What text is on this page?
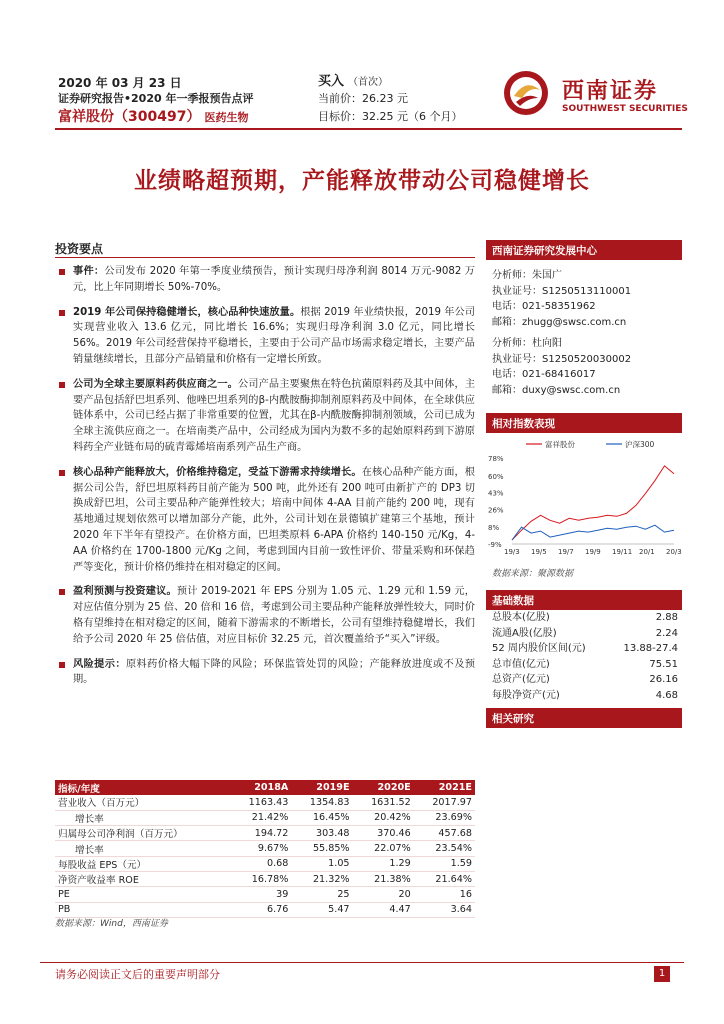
2020 年 03 月 23 日
证券研究报告•2020 年一季报预告点评
富祥股份（300497） 医药生物
买入 （首次）
当前价：26.23 元
目标价：32.25 元（6 个月）
西南证券
SOUTHWEST SECURITIES
业绩略超预期，产能释放带动公司稳健增长
投资要点
事件：公司发布 2020 年第一季度业绩预告，预计实现归母净利润 8014 万元-9082 万元，比上年同期增长 50%-70%。
2019 年公司保持稳健增长，核心品种快速放量。根据 2019 年业绩快报，2019 年公司实现营业收入 13.6 亿元，同比增长 16.6%；实现归母净利润 3.0 亿元，同比增长 56%。2019 年公司经营保持平稳增长，主要由于公司产品市场需求稳定增长，主要产品销量继续增长，且部分产品销量和价格有一定增长所致。
公司为全球主要原料药供应商之一。公司产品主要聚焦在特色抗菌原料药及其中间体，主要产品包括舒巴坦系列、他唑巴坦系列的β-内酰胺酶抑制剂原料药及中间体，在全球供应链体系中，公司已经占据了非常重要的位置，尤其在β-内酰胺酶抑制剂领域，公司已成为全球主流供应商之一。在培南类产品中，公司经成为国内为数不多的起始原料药到下游原料药全产业链布局的硫青霉烯培南系列产品生产商。
核心品种产能释放大，价格维持稳定，受益下游需求持续增长。在核心品种产能方面，根据公司公告，舒巴坦原料药目前产能为 500 吨，此外还有 200 吨可由新扩产的 DP3 切换成舒巴坦，公司主要品种产能弹性较大；培南中间体 4-AA 目前产能约 200 吨，现有基地通过规划依然可以增加部分产能，此外，公司计划在景德镇扩建第三个基地，预计 2020 年下半年有望投产。在价格方面，巴坦类原料 6-APA 价格约 140-150 元/Kg，4-AA 价格约在 1700-1800 元/Kg 之间，考虑到国内目前一致性评价、带量采购和环保趋严等变化，预计价格仍维持在相对稳定的区间。
盈利预测与投资建议。预计 2019-2021 年 EPS 分别为 1.05 元、1.29 元和 1.59 元，对应估值分别为 25 倍、20 倍和 16 倍，考虑到公司主要品种产能释放弹性较大，同时价格有望维持在相对稳定的区间，随着下游需求的不断增长，公司有望维持稳健增长，我们给予公司 2020 年 25 倍估值，对应目标价 32.25 元，首次覆盖给予“买入”评级。
风险提示：原料药价格大幅下降的风险；环保监管处罚的风险；产能释放进度或不及预期。
指标/年度	2018A	2019E	2020E	2021E
营业收入（百万元）	1163.43	1354.83	1631.52	2017.97
增长率	21.42%	16.45%	20.42%	23.69%
归属母公司净利润（百万元）	194.72	303.48	370.46	457.68
增长率	9.67%	55.85%	22.07%	23.54%
每股收益 EPS（元）	0.68	1.05	1.29	1.59
净资产收益率 ROE	16.78%	21.32%	21.38%	21.64%
PE	39	25	20	16
PB	6.76	5.47	4.47	3.64
数据来源：Wind，西南证券
西南证券研究发展中心
分析师：朱国广
执业证号：S1250513110001
电话：021-58351962
邮箱：zhugg@swsc.com.cn
分析师：杜向阳
执业证号：S1250520030002
电话：021-68416017
邮箱：duxy@swsc.com.cn
相对指数表现
78%
60%
43%
26%
8%
-9%
19/3 19/5 19/7 19/9 19/11 20/1 20/3
富祥股份	沪深300
数据来源：聚源数据
基础数据
总股本(亿股)	2.88
流通A股(亿股)	2.24
52 周内股价区间(元)	13.88-27.4
总市值(亿元)	75.51
总资产(亿元)	26.16
每股净资产(元)	4.68
相关研究
请务必阅读正文后的重要声明部分	1
